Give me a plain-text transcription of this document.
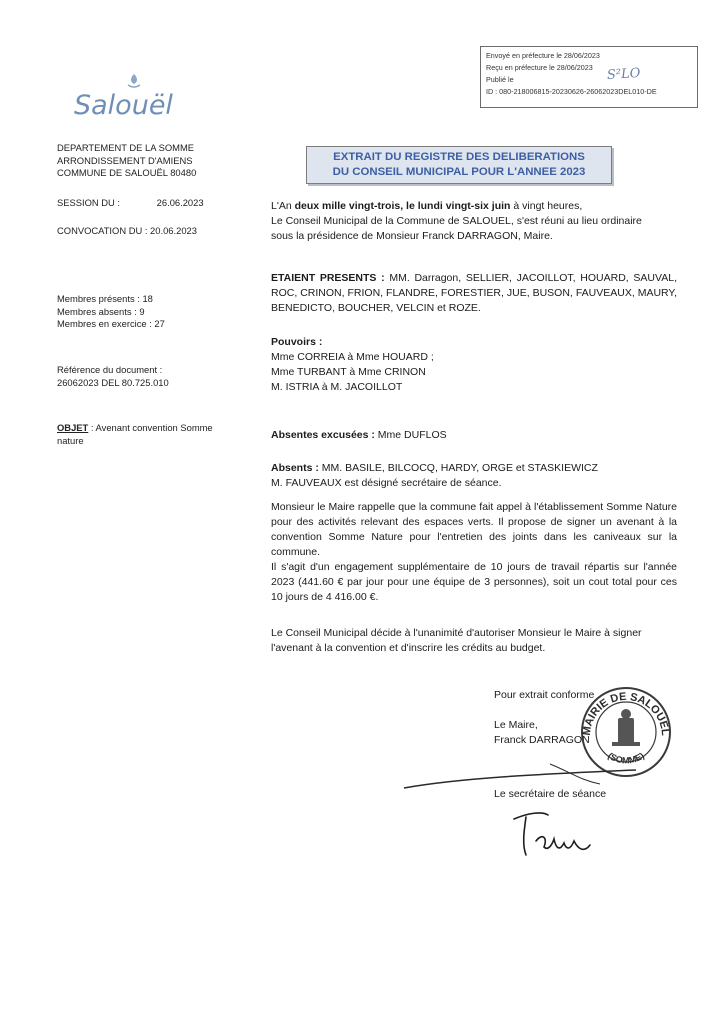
Envoyé en préfecture le 28/06/2023
Reçu en préfecture le 28/06/2023
Publié le
ID : 080-218006815-20230626-26062023DEL010-DE
S²LO
Salouël
DEPARTEMENT DE LA SOMME
ARRONDISSEMENT D'AMIENS
COMMUNE DE SALOUËL 80480
SESSION DU :	26.06.2023
CONVOCATION DU : 20.06.2023
Membres présents : 18
Membres absents : 9
Membres en exercice : 27
Référence du document :
26062023 DEL 80.725.010
OBJET : Avenant convention Somme nature
EXTRAIT DU REGISTRE DES DELIBERATIONS
DU CONSEIL MUNICIPAL POUR L'ANNEE 2023
L'An deux mille vingt-trois, le lundi vingt-six juin à vingt heures,
Le Conseil Municipal de la Commune de SALOUEL, s'est réuni au lieu ordinaire
sous la présidence de Monsieur Franck DARRAGON, Maire.
ETAIENT PRESENTS : MM. Darragon, SELLIER, JACOILLOT, HOUARD, SAUVAL, ROC, CRINON, FRION, FLANDRE, FORESTIER, JUE, BUSON, FAUVEAUX, MAURY, BENEDICTO, BOUCHER, VELCIN et ROZE.
Pouvoirs :
Mme CORREIA à Mme HOUARD ;
Mme TURBANT à Mme CRINON
M. ISTRIA à M. JACOILLOT
Absentes excusées : Mme DUFLOS
Absents : MM. BASILE, BILCOCQ, HARDY, ORGE et STASKIEWICZ
M. FAUVEAUX est désigné secrétaire de séance.
Monsieur le Maire rappelle que la commune fait appel à l'établissement Somme Nature pour des activités relevant des espaces verts. Il propose de signer un avenant à la convention Somme Nature pour l'entretien des joints dans les caniveaux sur la commune.
Il s'agit d'un engagement supplémentaire de 10 jours de travail répartis sur l'année 2023 (441.60 € par jour pour une équipe de 3 personnes), soit un cout total pour ces 10 jours de 4 416.00 €.
Le Conseil Municipal décide à l'unanimité d'autoriser Monsieur le Maire à signer l'avenant à la convention et d'inscrire les crédits au budget.
Pour extrait conforme
Le Maire,
Franck DARRAGON
MAIRIE DE SALOUEL
(SOMME)
Le secrétaire de séance
